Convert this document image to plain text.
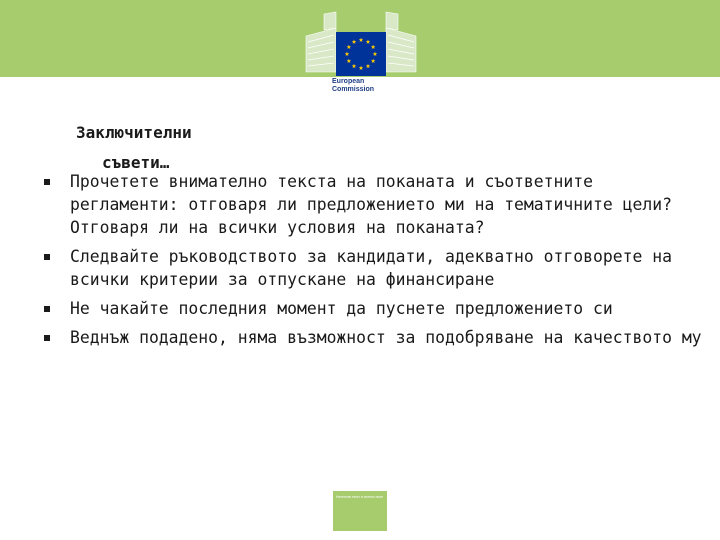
European
Commission
Заключителни
съвети…
Прочетете внимателно текста на поканата и съответните регламенти: отговаря ли предложението ми на тематичните цели? Отговаря ли на всички условия на поканата?
Следвайте ръководството за кандидати, адекватно отговорете на всички критерии за отпускане на финансиране
Не чакайте последния момент да пуснете предложението си
Веднъж подадено, няма възможност за подобряване на качеството му
Нечетлив текст в зелено поле
